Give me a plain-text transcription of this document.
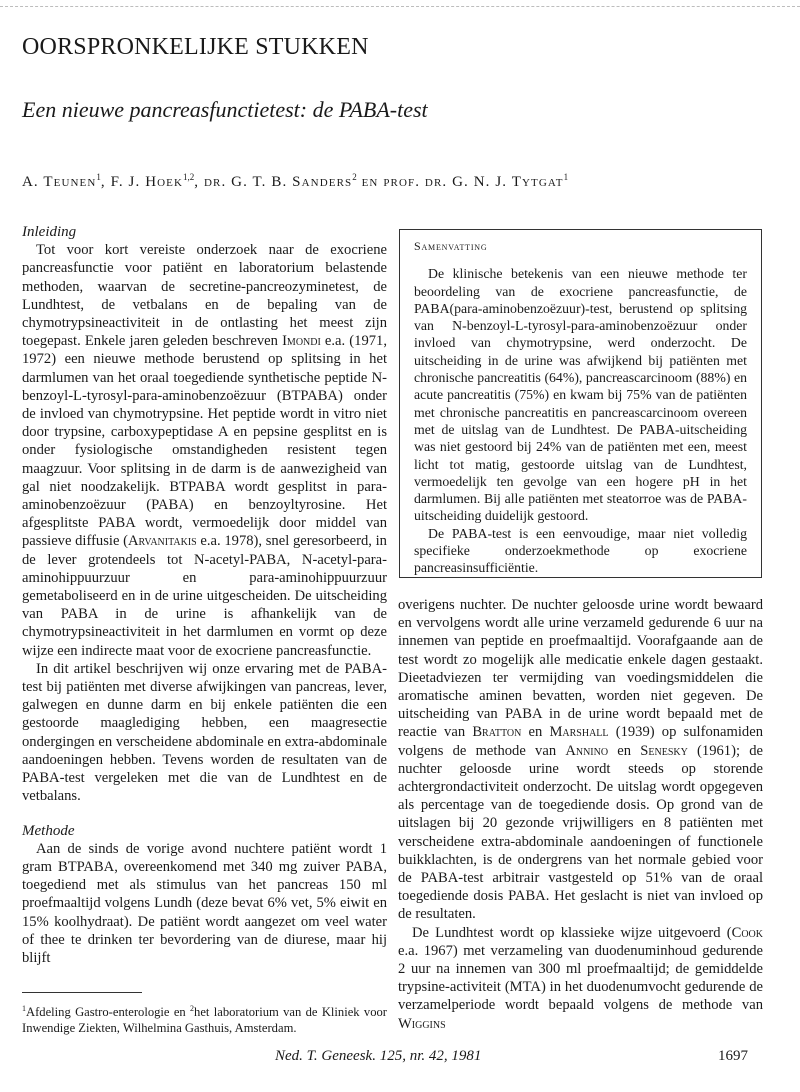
OORSPRONKELIJKE STUKKEN
Een nieuwe pancreasfunctietest: de PABA-test
A. Teunen$^1$, F. J. Hoek$^{1,2}$, dr. G. T. B. Sanders$^2$ en prof. dr. G. N. J. Tytgat$^1$
Inleiding

Tot voor kort vereiste onderzoek naar de exocriene pancreasfunctie voor patiënt en laboratorium belastende methoden, waarvan de secretine-pancreozyminetest, de Lundhtest, de vetbalans en de bepaling van de chymotrypsineactiviteit in de ontlasting het meest zijn toegepast. Enkele jaren geleden beschreven Imondi e.a. (1971, 1972) een nieuwe methode berustend op splitsing in het darmlumen van het oraal toegediende synthetische peptide N-benzoyl-L-tyrosyl-para-aminobenzoëzuur (BTPABA) onder de invloed van chymotrypsine. Het peptide wordt in vitro niet door trypsine, carboxypeptidase A en pepsine gesplitst en is onder fysiologische omstandigheden resistent tegen maagzuur. Voor splitsing in de darm is de aanwezigheid van gal niet noodzakelijk. BTPABA wordt gesplitst in para-aminobenzoëzuur (PABA) en benzoyltyrosine. Het afgesplitste PABA wordt, vermoedelijk door middel van passieve diffusie (Arvanitakis e.a. 1978), snel geresorbeerd, in de lever grotendeels tot N-acetyl-PABA, N-acetyl-para-aminohippuurzuur en para-aminohippuurzuur gemetaboliseerd en in de urine uitgescheiden. De uitscheiding van PABA in de urine is afhankelijk van de chymotrypsineactiviteit in het darmlumen en vormt op deze wijze een indirecte maat voor de exocriene pancreasfunctie.

In dit artikel beschrijven wij onze ervaring met de PABA-test bij patiënten met diverse afwijkingen van pancreas, lever, galwegen en dunne darm en bij enkele patiënten die een gestoorde maaglediging hebben, een maagresectie ondergingen en verscheidene abdominale en extra-abdominale aandoeningen hebben. Tevens worden de resultaten van de PABA-test vergeleken met die van de Lundhtest en de vetbalans.

Methode

Aan de sinds de vorige avond nuchtere patiënt wordt 1 gram BTPABA, overeenkomend met 340 mg zuiver PABA, toegediend met als stimulus van het pancreas 150 ml proefmaaltijd volgens Lundh (deze bevat 6% vet, 5% eiwit en 15% koolhydraat). De patiënt wordt aangezet om veel water of thee te drinken ter bevordering van de diurese, maar hij blijft

Samenvatting

De klinische betekenis van een nieuwe methode ter beoordeling van de exocriene pancreasfunctie, de PABA(para-aminobenzoëzuur)-test, berustend op splitsing van N-benzoyl-L-tyrosyl-para-aminobenzoëzuur onder invloed van chymotrypsine, werd onderzocht. De uitscheiding in de urine was afwijkend bij patiënten met chronische pancreatitis (64%), pancreascarcinoom (88%) en acute pancreatitis (75%) en kwam bij 75% van de patiënten met chronische pancreatitis en pancreascarcinoom overeen met de uitslag van de Lundhtest. De PABA-uitscheiding was niet gestoord bij 24% van de patiënten met een, meest licht tot matig, gestoorde uitslag van de Lundhtest, vermoedelijk ten gevolge van een hogere pH in het darmlumen. Bij alle patiënten met steatorroe was de PABA-uitscheiding duidelijk gestoord.

De PABA-test is een eenvoudige, maar niet volledig specifieke onderzoekmethode op exocriene pancreasinsufficiëntie.

overigens nuchter. De nuchter geloosde urine wordt bewaard en vervolgens wordt alle urine verzameld gedurende 6 uur na innemen van peptide en proefmaaltijd. Voorafgaande aan de test wordt zo mogelijk alle medicatie enkele dagen gestaakt. Dieetadviezen ter vermijding van voedingsmiddelen die aromatische aminen bevatten, worden niet gegeven. De uitscheiding van PABA in de urine wordt bepaald met de reactie van Bratton en Marshall (1939) op sulfonamiden volgens de methode van Annino en Senesky (1961); de nuchter geloosde urine wordt steeds op storende achtergrondactiviteit onderzocht. De uitslag wordt opgegeven als percentage van de toegediende dosis. Op grond van de uitslagen bij 20 gezonde vrijwilligers en 8 patiënten met verscheidene extra-abdominale aandoeningen of functionele buikklachten, is de ondergrens van het normale gebied voor de PABA-test arbitrair vastgesteld op 51% van de oraal toegediende dosis PABA. Het geslacht is niet van invloed op de resultaten.

De Lundhtest wordt op klassieke wijze uitgevoerd (Cook e.a. 1967) met verzameling van duodenuminhoud gedurende 2 uur na innemen van 300 ml proefmaaltijd; de gemiddelde trypsine-activiteit (MTA) in het duodenumvocht gedurende de verzamelperiode wordt bepaald volgens de methode van Wiggins

$^1$Afdeling Gastro-enterologie en $^2$het laboratorium van de Kliniek voor Inwendige Ziekten, Wilhelmina Gasthuis, Amsterdam.
Ned. T. Geneesk. 125, nr. 42, 1981	1697
